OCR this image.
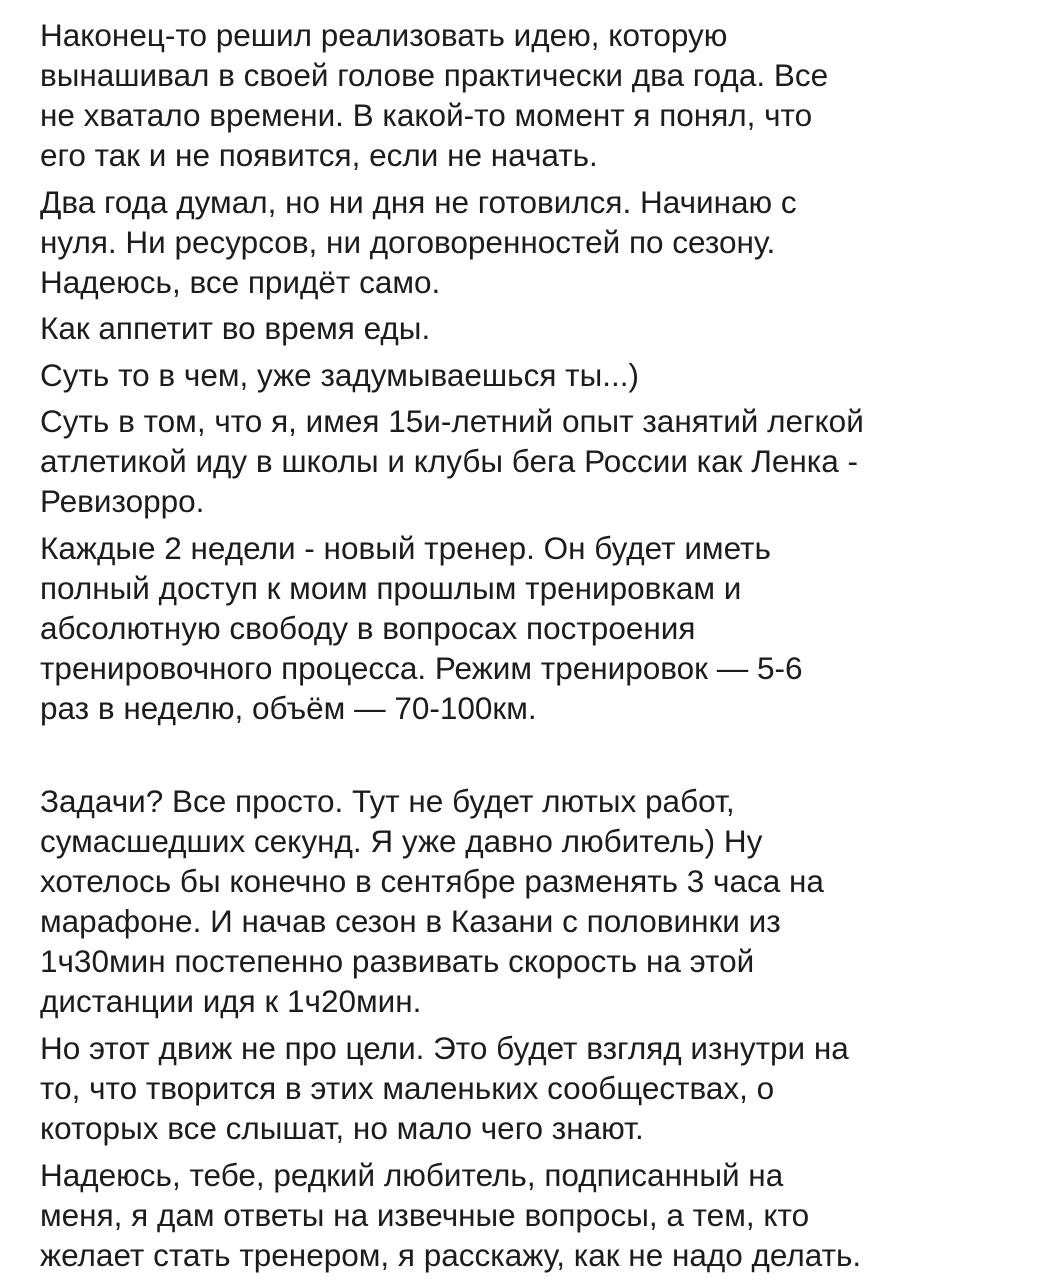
Наконец-то решил реализовать идею, которую
вынашивал в своей голове практически два года. Все
не хватало времени. В какой-то момент я понял, что
его так и не появится, если не начать.
Два года думал, но ни дня не готовился. Начинаю с
нуля. Ни ресурсов, ни договоренностей по сезону.
Надеюсь, все придёт само.
Как аппетит во время еды.
Суть то в чем, уже задумываешься ты...)
Суть в том, что я, имея 15и-летний опыт занятий легкой
атлетикой иду в школы и клубы бега России как Ленка -
Ревизорро.
Каждые 2 недели - новый тренер. Он будет иметь
полный доступ к моим прошлым тренировкам и
абсолютную свободу в вопросах построения
тренировочного процесса. Режим тренировок — 5-6
раз в неделю, объём — 70-100км.
Задачи? Все просто. Тут не будет лютых работ,
сумасшедших секунд. Я уже давно любитель) Ну
хотелось бы конечно в сентябре разменять 3 часа на
марафоне. И начав сезон в Казани с половинки из
1ч30мин постепенно развивать скорость на этой
дистанции идя к 1ч20мин.
Но этот движ не про цели. Это будет взгляд изнутри на
то, что творится в этих маленьких сообществах, о
которых все слышат, но мало чего знают.
Надеюсь, тебе, редкий любитель, подписанный на
меня, я дам ответы на извечные вопросы, а тем, кто
желает стать тренером, я расскажу, как не надо делать.
